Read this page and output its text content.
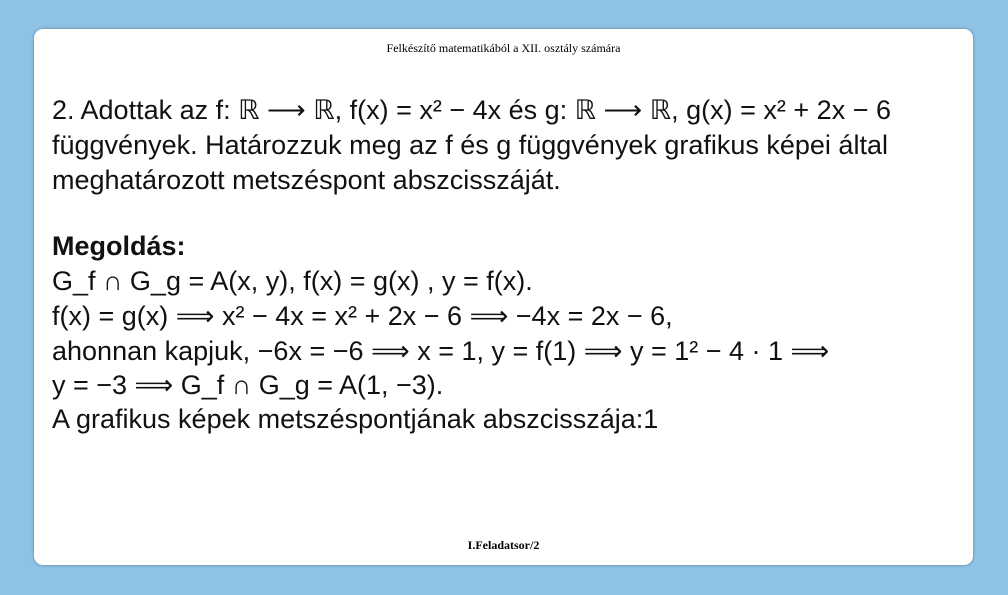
Felkészítő matematikából a XII. osztály számára
2. Adottak az f: ℝ ⟶ ℝ, f(x) = x² − 4x és g: ℝ ⟶ ℝ, g(x) = x² + 2x − 6
függvények. Határozzuk meg az f és g függvények grafikus képei által
meghatározott metszéspont abszcisszáját.
Megoldás:
G_f ∩ G_g = A(x, y), f(x) = g(x) , y = f(x).
f(x) = g(x) ⟹ x² − 4x = x² + 2x − 6 ⟹ −4x = 2x − 6,
ahonnan kapjuk, −6x = −6 ⟹ x = 1, y = f(1) ⟹ y = 1² − 4 · 1 ⟹
y = −3 ⟹ G_f ∩ G_g = A(1, −3).
A grafikus képek metszéspontjának abszcisszája:1
I.Feladatsor/2
